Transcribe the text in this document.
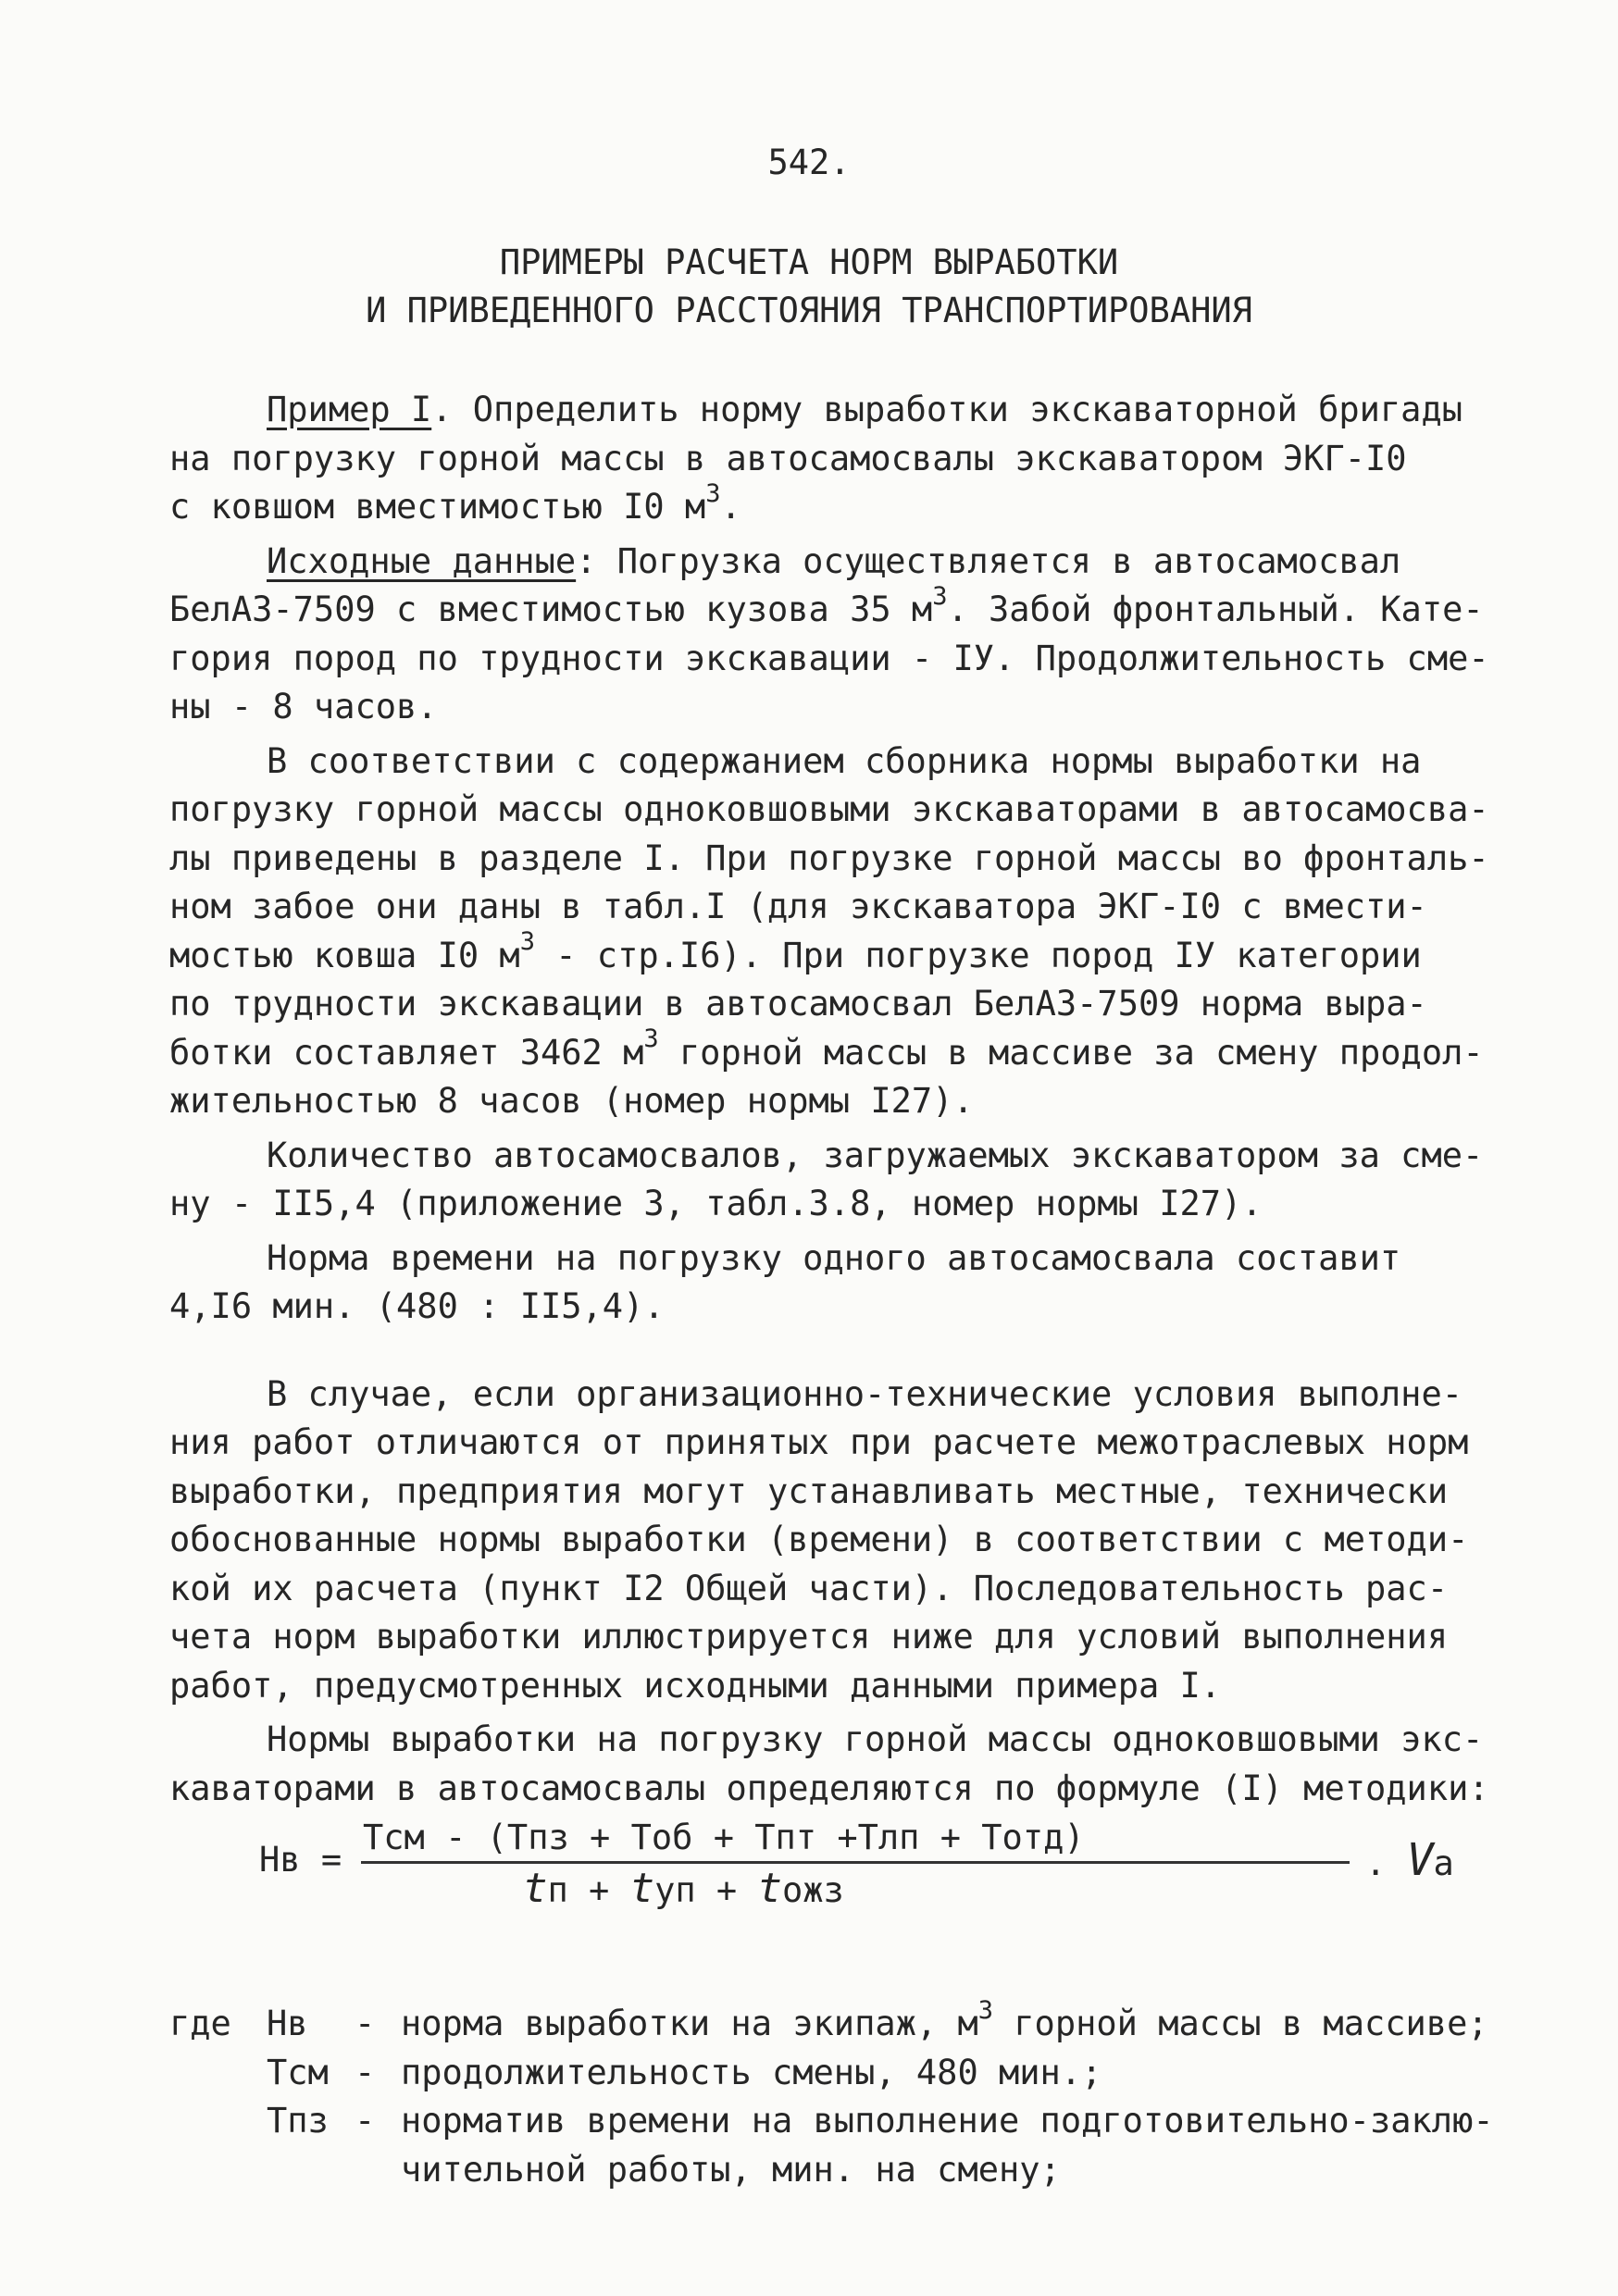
542.
ПРИМЕРЫ РАСЧЕТА НОРМ ВЫРАБОТКИ
И ПРИВЕДЕННОГО РАССТОЯНИЯ ТРАНСПОРТИРОВАНИЯ
Пример I. Определить норму выработки экскаваторной бригады
на погрузку горной массы в автосамосвалы экскаватором ЭКГ-I0
с ковшом вместимостью I0 $м^3$.
Исходные данные: Погрузка осуществляется в автосамосвал
БелАЗ-7509 с вместимостью кузова 35 $м^3$. Забой фронтальный. Кате-
гория пород по трудности экскавации - IУ. Продолжительность сме-
ны - 8 часов.
В соответствии с содержанием сборника нормы выработки на
погрузку горной массы одноковшовыми экскаваторами в автосамосва-
лы приведены в разделе I. При погрузке горной массы во фронталь-
ном забое они даны в табл.I (для экскаватора ЭКГ-I0 с вмести-
мостью ковша I0 $м^3 - стр.I6$). При погрузке пород IУ категории
по трудности экскавации в автосамосвал БелАЗ-7509 норма выра-
ботки составляет 3462 $м^3$ горной массы в массиве за смену продол-
жительностью 8 часов (номер нормы I27).
Количество автосамосвалов, загружаемых экскаватором за сме-
ну - II5,4 (приложение 3, табл.3.8, номер нормы I27).
Норма времени на погрузку одного автосамосвала составит
4,I6 мин. (480 : II5,4).
В случае, если организационно-технические условия выполне-
ния работ отличаются от принятых при расчете межотраслевых норм
выработки, предприятия могут устанавливать местные, технически
обоснованные нормы выработки (времени) в соответствии с методи-
кой их расчета (пункт I2 Общей части). Последовательность рас-
чета норм выработки иллюстрируется ниже для условий выполнения
работ, предусмотренных исходными данными примера I.
Нормы выработки на погрузку горной массы одноковшовыми экс-
каваторами в автосамосвалы определяются по формуле (I) методики:
Нв =
Тсм - (Тпз + Тоб + Тпт +Тлп + Тотд)
tп + tуп + tожз
. Vа
где	Нв	- норма выработки на экипаж, $м^3$ горной массы в массиве;
Тсм - продолжительность смены, 480 мин.;
Тпз - норматив времени на выполнение подготовительно-заклю-
чительной работы, мин. на смену;
